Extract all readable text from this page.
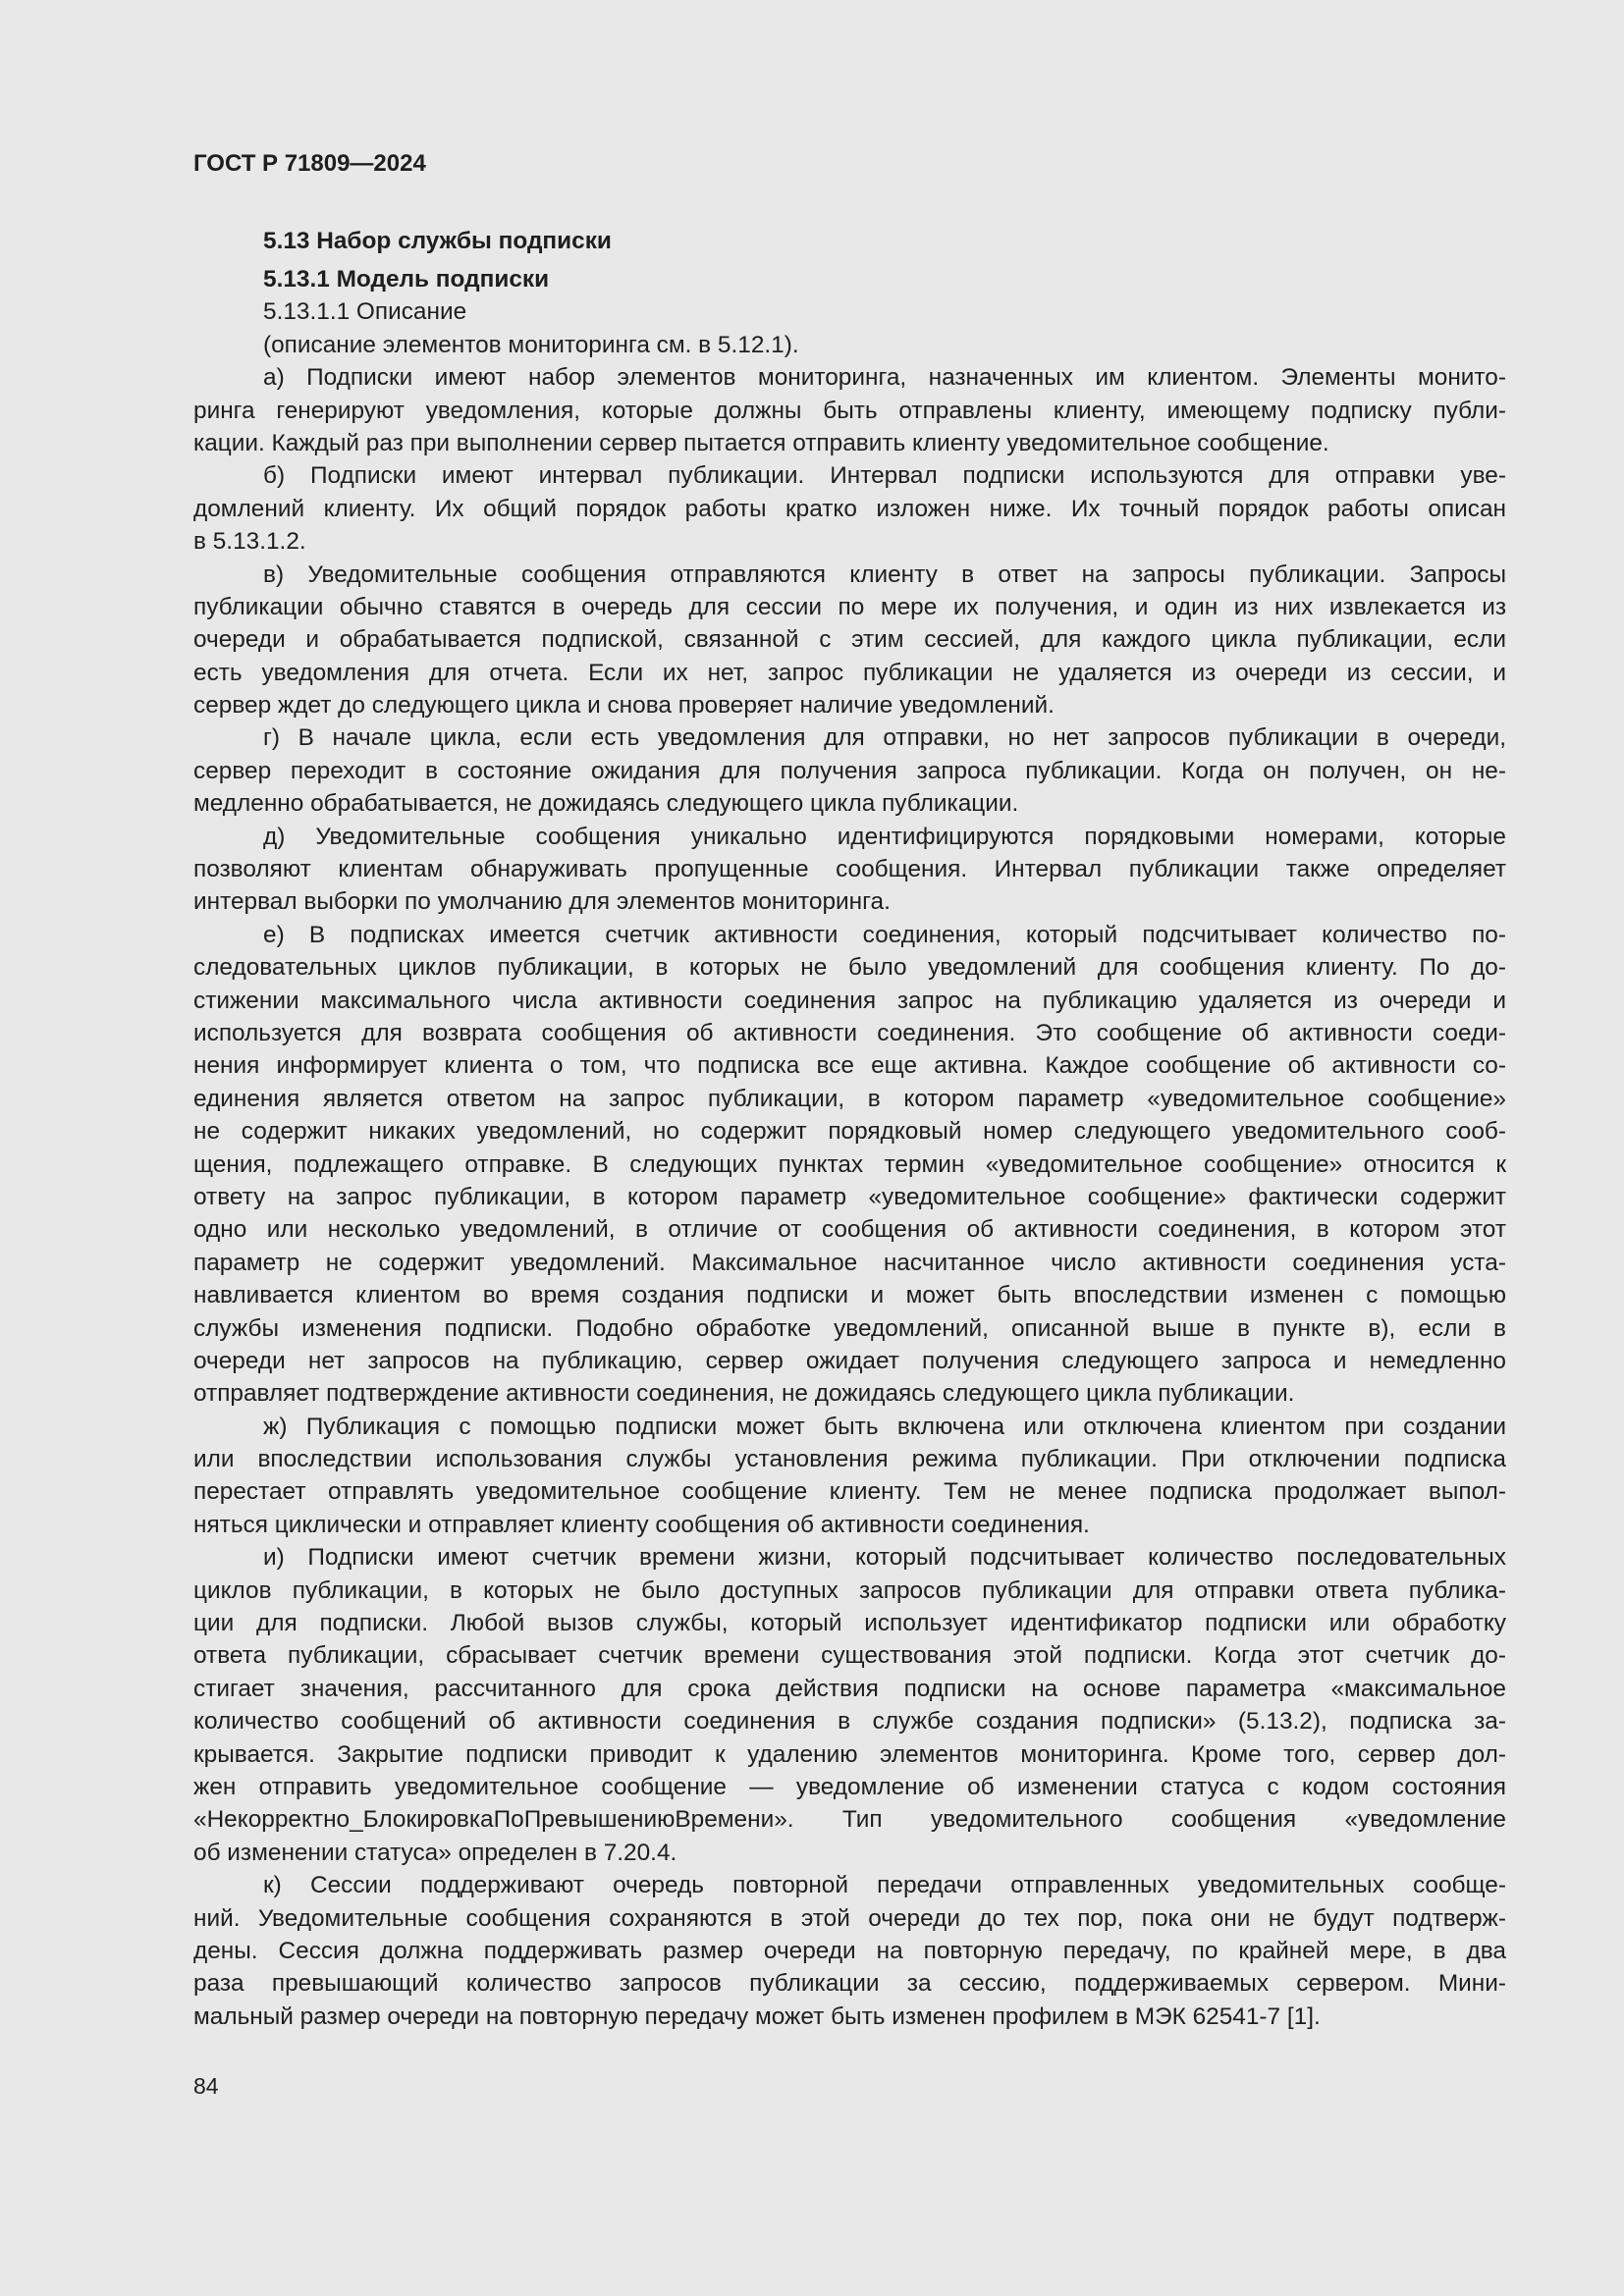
ГОСТ Р 71809—2024
5.13 Набор службы подписки
5.13.1 Модель подписки
5.13.1.1 Описание
(описание элементов мониторинга см. в 5.12.1).
а) Подписки имеют набор элементов мониторинга, назначенных им клиентом. Элементы монито-
ринга генерируют уведомления, которые должны быть отправлены клиенту, имеющему подписку публи-
кации. Каждый раз при выполнении сервер пытается отправить клиенту уведомительное сообщение.
б) Подписки имеют интервал публикации. Интервал подписки используются для отправки уве-
домлений клиенту. Их общий порядок работы кратко изложен ниже. Их точный порядок работы описан
в 5.13.1.2.
в) Уведомительные сообщения отправляются клиенту в ответ на запросы публикации. Запросы
публикации обычно ставятся в очередь для сессии по мере их получения, и один из них извлекается из
очереди и обрабатывается подпиской, связанной с этим сессией, для каждого цикла публикации, если
есть уведомления для отчета. Если их нет, запрос публикации не удаляется из очереди из сессии, и
сервер ждет до следующего цикла и снова проверяет наличие уведомлений.
г) В начале цикла, если есть уведомления для отправки, но нет запросов публикации в очереди,
сервер переходит в состояние ожидания для получения запроса публикации. Когда он получен, он не-
медленно обрабатывается, не дожидаясь следующего цикла публикации.
д) Уведомительные сообщения уникально идентифицируются порядковыми номерами, которые
позволяют клиентам обнаруживать пропущенные сообщения. Интервал публикации также определяет
интервал выборки по умолчанию для элементов мониторинга.
е) В подписках имеется счетчик активности соединения, который подсчитывает количество по-
следовательных циклов публикации, в которых не было уведомлений для сообщения клиенту. По до-
стижении максимального числа активности соединения запрос на публикацию удаляется из очереди и
используется для возврата сообщения об активности соединения. Это сообщение об активности соеди-
нения информирует клиента о том, что подписка все еще активна. Каждое сообщение об активности со-
единения является ответом на запрос публикации, в котором параметр «уведомительное сообщение»
не содержит никаких уведомлений, но содержит порядковый номер следующего уведомительного сооб-
щения, подлежащего отправке. В следующих пунктах термин «уведомительное сообщение» относится к
ответу на запрос публикации, в котором параметр «уведомительное сообщение» фактически содержит
одно или несколько уведомлений, в отличие от сообщения об активности соединения, в котором этот
параметр не содержит уведомлений. Максимальное насчитанное число активности соединения уста-
навливается клиентом во время создания подписки и может быть впоследствии изменен с помощью
службы изменения подписки. Подобно обработке уведомлений, описанной выше в пункте в), если в
очереди нет запросов на публикацию, сервер ожидает получения следующего запроса и немедленно
отправляет подтверждение активности соединения, не дожидаясь следующего цикла публикации.
ж) Публикация с помощью подписки может быть включена или отключена клиентом при создании
или впоследствии использования службы установления режима публикации. При отключении подписка
перестает отправлять уведомительное сообщение клиенту. Тем не менее подписка продолжает выпол-
няться циклически и отправляет клиенту сообщения об активности соединения.
и) Подписки имеют счетчик времени жизни, который подсчитывает количество последовательных
циклов публикации, в которых не было доступных запросов публикации для отправки ответа публика-
ции для подписки. Любой вызов службы, который использует идентификатор подписки или обработку
ответа публикации, сбрасывает счетчик времени существования этой подписки. Когда этот счетчик до-
стигает значения, рассчитанного для срока действия подписки на основе параметра «максимальное
количество сообщений об активности соединения в службе создания подписки» (5.13.2), подписка за-
крывается. Закрытие подписки приводит к удалению элементов мониторинга. Кроме того, сервер дол-
жен отправить уведомительное сообщение — уведомление об изменении статуса с кодом состояния
«Некорректно_БлокировкаПоПревышениюВремени». Тип уведомительного сообщения «уведомление
об изменении статуса» определен в 7.20.4.
к) Сессии поддерживают очередь повторной передачи отправленных уведомительных сообще-
ний. Уведомительные сообщения сохраняются в этой очереди до тех пор, пока они не будут подтверж-
дены. Сессия должна поддерживать размер очереди на повторную передачу, по крайней мере, в два
раза превышающий количество запросов публикации за сессию, поддерживаемых сервером. Мини-
мальный размер очереди на повторную передачу может быть изменен профилем в МЭК 62541-7 [1].
84
